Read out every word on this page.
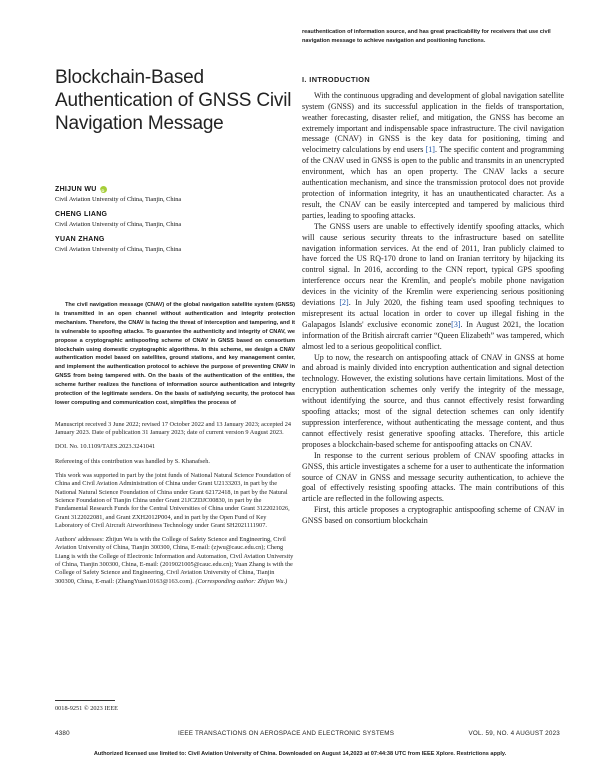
Blockchain-Based
Authentication of GNSS Civil
Navigation Message
ZHIJUN WU
iD
Civil Aviation University of China, Tianjin, China
CHENG LIANG
Civil Aviation University of China, Tianjin, China
YUAN ZHANG
Civil Aviation University of China, Tianjin, China

The civil navigation message (CNAV) of the global navigation satellite system (GNSS) is transmitted in an open channel without authentication and integrity protection mechanism. Therefore, the CNAV is facing the threat of interception and tampering, and it is vulnerable to spoofing attacks. To guarantee the authenticity and integrity of CNAV, we propose a cryptographic antispoofing scheme of CNAV in GNSS based on consortium blockchain using domestic cryptographic algorithms. In this scheme, we design a CNAV authentication model based on satellites, ground stations, and key management center, and implement the authentication protocol to achieve the purpose of preventing CNAV in GNSS from being tampered with. On the basis of the authentication of the entities, the scheme further realizes the functions of information source authentication and integrity protection of the legitimate senders. On the basis of satisfying security, the protocol has lower computing and communication cost, simplifies the process of

Manuscript received 3 June 2022; revised 17 October 2022 and 13 January 2023; accepted 24 January 2023. Date of publication 31 January 2023; date of current version 9 August 2023.

DOI. No. 10.1109/TAES.2023.3241041

Refereeing of this contribution was handled by S. Khanafseh.

This work was supported in part by the joint funds of National Natural Science Foundation of China and Civil Aviation Administration of China under Grant U2133203, in part by the National Natural Science Foundation of China under Grant 62172418, in part by the Natural Science Foundation of Tianjin China under Grant 21JCZDJC00830, in part by the Fundamental Research Funds for the Central Universities of China under Grant 3122021026, Grant 3122022081, and Grant ZXH2012P004, and in part by the Open Fund of Key Laboratory of Civil Aircraft Airworthiness Technology under Grant SH2021111907.

Authors' addresses: Zhijun Wu is with the College of Safety Science and Engineering, Civil Aviation University of China, Tianjin 300300, China, E-mail: (zjwu@cauc.edu.cn); Cheng Liang is with the College of Electronic Information and Automation, Civil Aviation University of China, Tianjin 300300, China, E-mail: (2019021005@cauc.edu.cn); Yuan Zhang is with the College of Safety Science and Engineering, Civil Aviation University of China, Tianjin 300300, China, E-mail: (ZhangYuan10163@163.com). (Corresponding author: Zhijun Wu.)

0018-9251 © 2023 IEEE

reauthentication of information source, and has great practicability for receivers that use civil navigation message to achieve navigation and positioning functions.

I. INTRODUCTION

With the continuous upgrading and development of global navigation satellite system (GNSS) and its successful application in the fields of transportation, weather forecasting, disaster relief, and mitigation, the GNSS has become an extremely important and indispensable space infrastructure. The civil navigation message (CNAV) in GNSS is the key data for positioning, timing and velocimetry calculations by end users [1]. The specific content and programming of the CNAV used in GNSS is open to the public and transmits in an unencrypted environment, which has an open property. The CNAV lacks a secure authentication mechanism, and since the transmission protocol does not provide protection of information integrity, it has an unauthenticated character. As a result, the CNAV can be easily intercepted and tampered by malicious third parties, leading to spoofing attacks.

The GNSS users are unable to effectively identify spoofing attacks, which will cause serious security threats to the infrastructure based on satellite navigation information services. At the end of 2011, Iran publicly claimed to have forced the US RQ-170 drone to land on Iranian territory by hijacking its control signal. In 2016, according to the CNN report, typical GPS spoofing interference occurs near the Kremlin, and people's mobile phone navigation devices in the vicinity of the Kremlin were experiencing serious positioning deviations [2]. In July 2020, the fishing team used spoofing techniques to misrepresent its actual location in order to cover up illegal fishing in the Galapagos Islands' exclusive economic zone[3]. In August 2021, the location information of the British aircraft carrier “Queen Elizabeth” was tampered, which almost led to a serious geopolitical conflict.

Up to now, the research on antispoofing attack of CNAV in GNSS at home and abroad is mainly divided into encryption authentication and signal detection technology. However, the existing solutions have certain limitations. Most of the encryption authentication schemes only verify the integrity of the message, without identifying the source, and thus cannot effectively resist forwarding spoofing attacks; most of the signal detection schemes can only identify suppression interference, without authenticating the message content, and thus cannot effectively resist generative spoofing attacks. Therefore, this article proposes a blockchain-based scheme for antispoofing attacks on CNAV.

In response to the current serious problem of CNAV spoofing attacks in GNSS, this article investigates a scheme for a user to authenticate the information source of CNAV in GNSS and message security authentication, to achieve the goal of effectively resisting spoofing attacks. The main contributions of this article are reflected in the following aspects.

First, this article proposes a cryptographic antispoofing scheme of CNAV in GNSS based on consortium blockchain

4380	IEEE TRANSACTIONS ON AEROSPACE AND ELECTRONIC SYSTEMS	VOL. 59, NO. 4 AUGUST 2023
Authorized licensed use limited to: Civil Aviation University of China. Downloaded on August 14,2023 at 07:44:38 UTC from IEEE Xplore. Restrictions apply.
